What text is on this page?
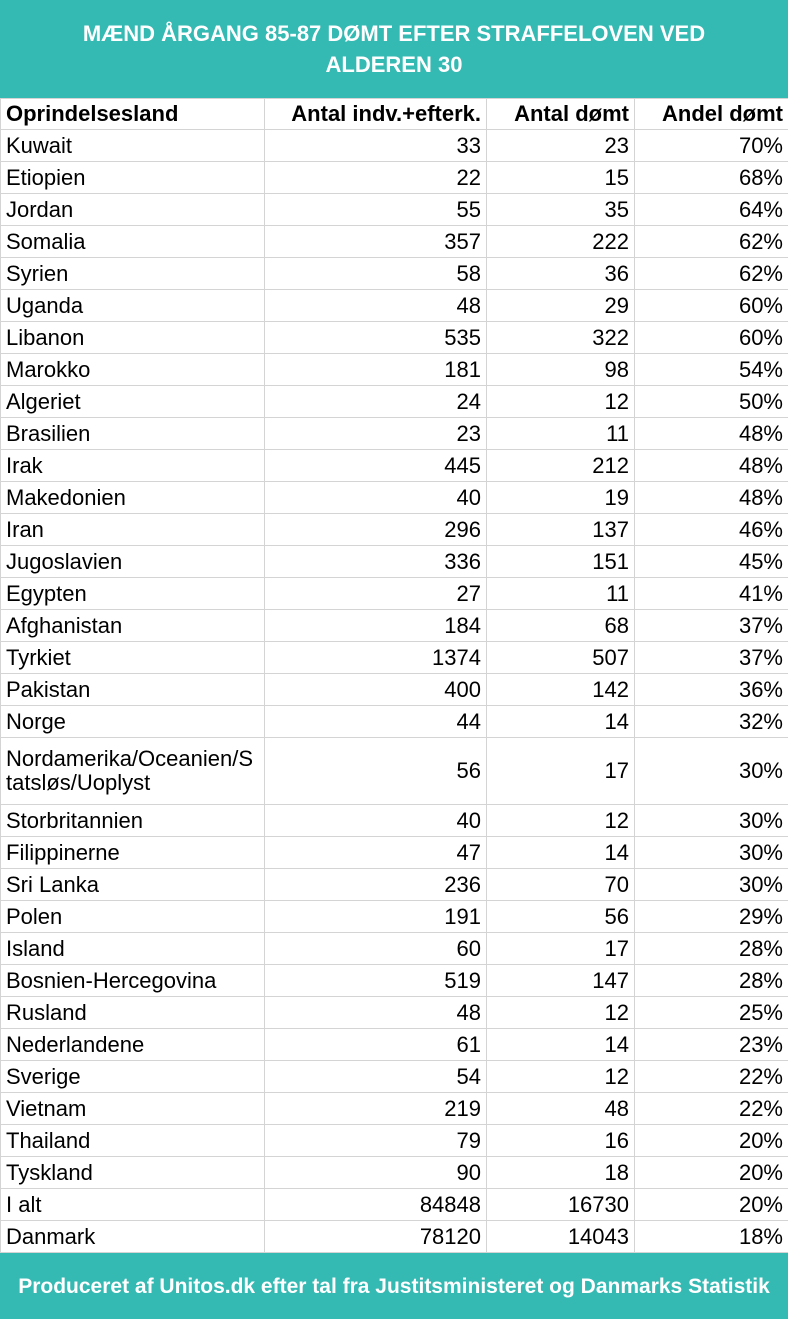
MÆND ÅRGANG 85-87 DØMT EFTER STRAFFELOVEN VED ALDEREN 30
Oprindelsesland	Antal indv.+efterk.	Antal dømt	Andel dømt
Kuwait	33	23	70%
Etiopien	22	15	68%
Jordan	55	35	64%
Somalia	357	222	62%
Syrien	58	36	62%
Uganda	48	29	60%
Libanon	535	322	60%
Marokko	181	98	54%
Algeriet	24	12	50%
Brasilien	23	11	48%
Irak	445	212	48%
Makedonien	40	19	48%
Iran	296	137	46%
Jugoslavien	336	151	45%
Egypten	27	11	41%
Afghanistan	184	68	37%
Tyrkiet	1374	507	37%
Pakistan	400	142	36%
Norge	44	14	32%
Nordamerika/Oceanien/Statsløs/Uoplyst	56	17	30%
Storbritannien	40	12	30%
Filippinerne	47	14	30%
Sri Lanka	236	70	30%
Polen	191	56	29%
Island	60	17	28%
Bosnien-Hercegovina	519	147	28%
Rusland	48	12	25%
Nederlandene	61	14	23%
Sverige	54	12	22%
Vietnam	219	48	22%
Thailand	79	16	20%
Tyskland	90	18	20%
I alt	84848	16730	20%
Danmark	78120	14043	18%
Produceret af Unitos.dk efter tal fra Justitsministeret og Danmarks Statistik
